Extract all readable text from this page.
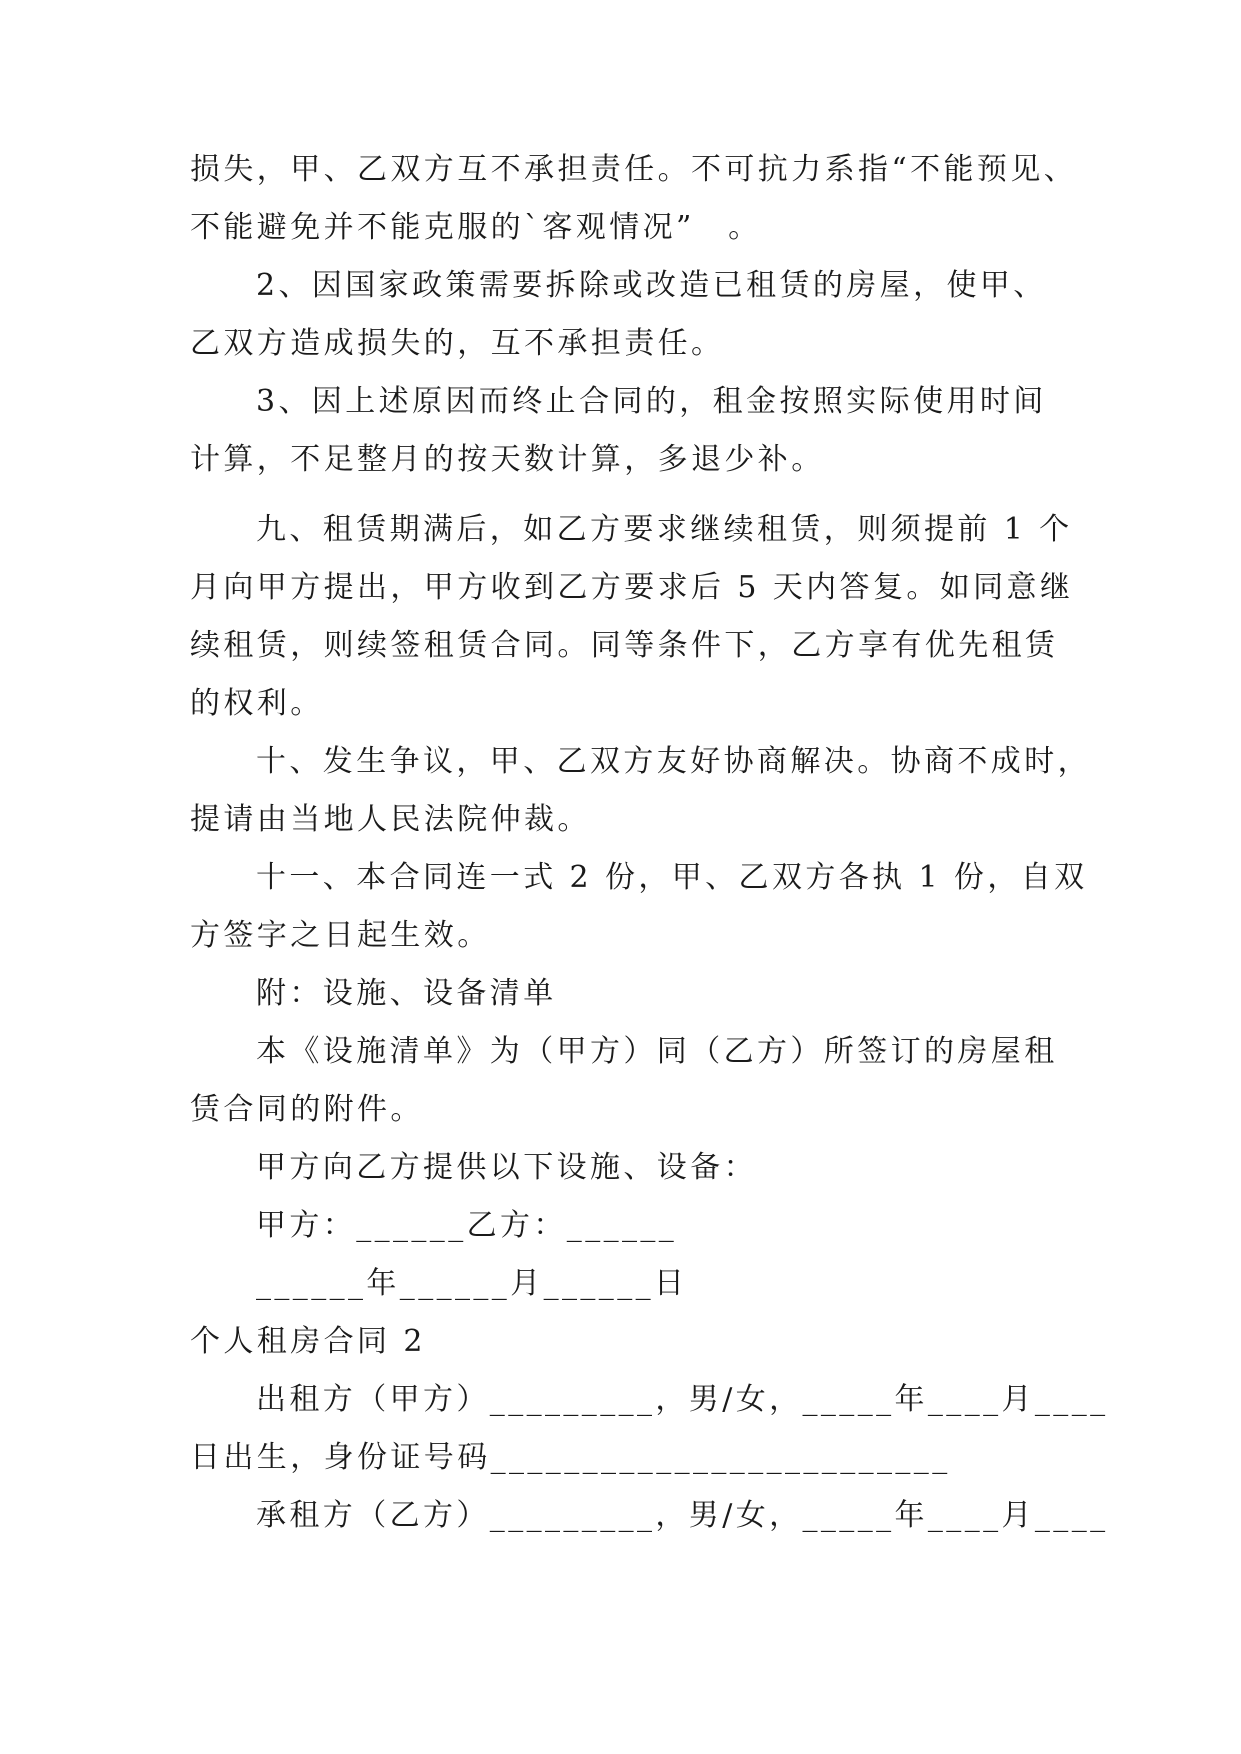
损失，甲、乙双方互不承担责任。不可抗力系指“不能预见、
不能避免并不能克服的`客观情况”　。
2、因国家政策需要拆除或改造已租赁的房屋，使甲、
乙双方造成损失的，互不承担责任。
3、因上述原因而终止合同的，租金按照实际使用时间
计算，不足整月的按天数计算，多退少补。
九、租赁期满后，如乙方要求继续租赁，则须提前 1 个
月向甲方提出，甲方收到乙方要求后 5 天内答复。如同意继
续租赁，则续签租赁合同。同等条件下，乙方享有优先租赁
的权利。
十、发生争议，甲、乙双方友好协商解决。协商不成时，
提请由当地人民法院仲裁。
十一、本合同连一式 2 份，甲、乙双方各执 1 份，自双
方签字之日起生效。
附：设施、设备清单
本《设施清单》为（甲方）同（乙方）所签订的房屋租
赁合同的附件。
甲方向乙方提供以下设施、设备：
甲方：______乙方：______
______年______月______日
个人租房合同 2
出租方（甲方）_________，男/女，_____年____月____
日出生，身份证号码_________________________
承租方（乙方）_________，男/女，_____年____月____
